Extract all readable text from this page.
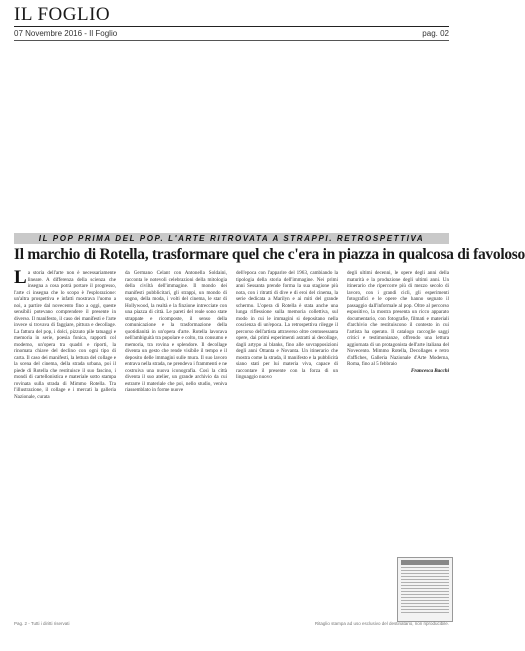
IL FOGLIO
07 Novembre 2016 - Il Foglio	pag. 02
IL POP PRIMA DEL POP. L'ARTE RITROVATA A STRAPPI. RETROSPETTIVA
Il marchio di Rotella, trasformare quel che c'era in piazza in qualcosa di favoloso
L a storia dell'arte non è necessariamente lineare. A differenza della scienza che insegna a cosa potrà portare il progresso, l'arte ci insegna che lo scopo è l'esplorazione: un'altra prospettiva e infatti mostrava l'uomo a noi, a partire dal novecento fino a oggi, queste sensibili potevano comprendere il presente in diverso. Il manifesto, il caso dei manifesti e l'arte invece si trovava di faggiare, pittura e decollage. La fattura del pop, i dolci, pizzuto pile tatuaggi e memoria in serie, poesia fonica, rapporti col moderno, un'opera tra quadri e riporti, la rinomata chiave del declino con ogni tipo di carta. Il caso dei manifesti, la lettura del collage e la scena del cinema, della strada urbana, poi il piede di Rotella che restituisce il suo fascino, i mondi di cartellonistica e materiale sotto stampa rovinata sulla strada di Mimmo Rotella. Tra l'illustrazione, il collage e i mercati la galleria Nazionale, curata
da Germano Celant con Antonella Soldaini, racconta le notevoli celebrazioni della mitologia della civiltà dell'immagine. Il mondo dei manifesti pubblicitari, gli strappi, un mondo di sogno, della moda, i volti del cinema, le star di Hollywood, la realtà e la finzione intrecciate con una piazza di città. Le pareti del reale sono state strappate e ricomposte, il senso della comunicazione e la trasformazione della quotidianità in un'opera d'arte. Rotella lavorava nell'ambiguità tra popolare e colto, tra consumo e memoria, tra rovina e splendore. Il decollage diventa un gesto che rende visibile il tempo e il deposito delle immagini sulle mura. Il suo lavoro entrava nella strada, ne prendeva i frammenti e ne costruiva una nuova iconografia. Così la città diventa il suo atelier, un grande archivio da cui estrarre il materiale che poi, nello studio, veniva riassemblato in forme nuove
dell'epoca con l'apparire del 1963, cambiando la tipologia della storia dell'immagine. Nei primi anni Sessanta prende forma la sua stagione più nota, con i ritratti di dive e di eroi del cinema, la serie dedicata a Marilyn e ai miti del grande schermo. L'opera di Rotella è stata anche una lunga riflessione sulla memoria collettiva, sul modo in cui le immagini si depositano nella coscienza di un'epoca. La retrospettiva rilegge il percorso dell'artista attraverso oltre centosessanta opere, dai primi esperimenti astratti ai decollage, dagli artypo ai blanks, fino alle sovrapposizioni degli anni Ottanta e Novanta. Un itinerario che mostra come la strada, il manifesto e la pubblicità siano stati per lui materia viva, capace di raccontare il presente con la forza di un linguaggio nuovo
degli ultimi decenni, le opere degli anni della maturità e la produzione degli ultimi anni. Un itinerario che ripercorre più di mezzo secolo di lavoro, con i grandi cicli, gli esperimenti fotografici e le opere che hanno segnato il passaggio dall'informale al pop. Oltre al percorso espositivo, la mostra presenta un ricco apparato documentario, con fotografie, filmati e materiali d'archivio che restituiscono il contesto in cui l'artista ha operato. Il catalogo raccoglie saggi critici e testimonianze, offrendo una lettura aggiornata di un protagonista dell'arte italiana del Novecento. Mimmo Rotella, Decollages e retro d'affiches, Galleria Nazionale d'Arte Moderna, Roma, fino al 5 febbraio
Francesca Bacchi
Pag. 2 - Tutti i diritti riservati	Ritaglio stampa ad uso esclusivo del destinatario, non riproducibile.
